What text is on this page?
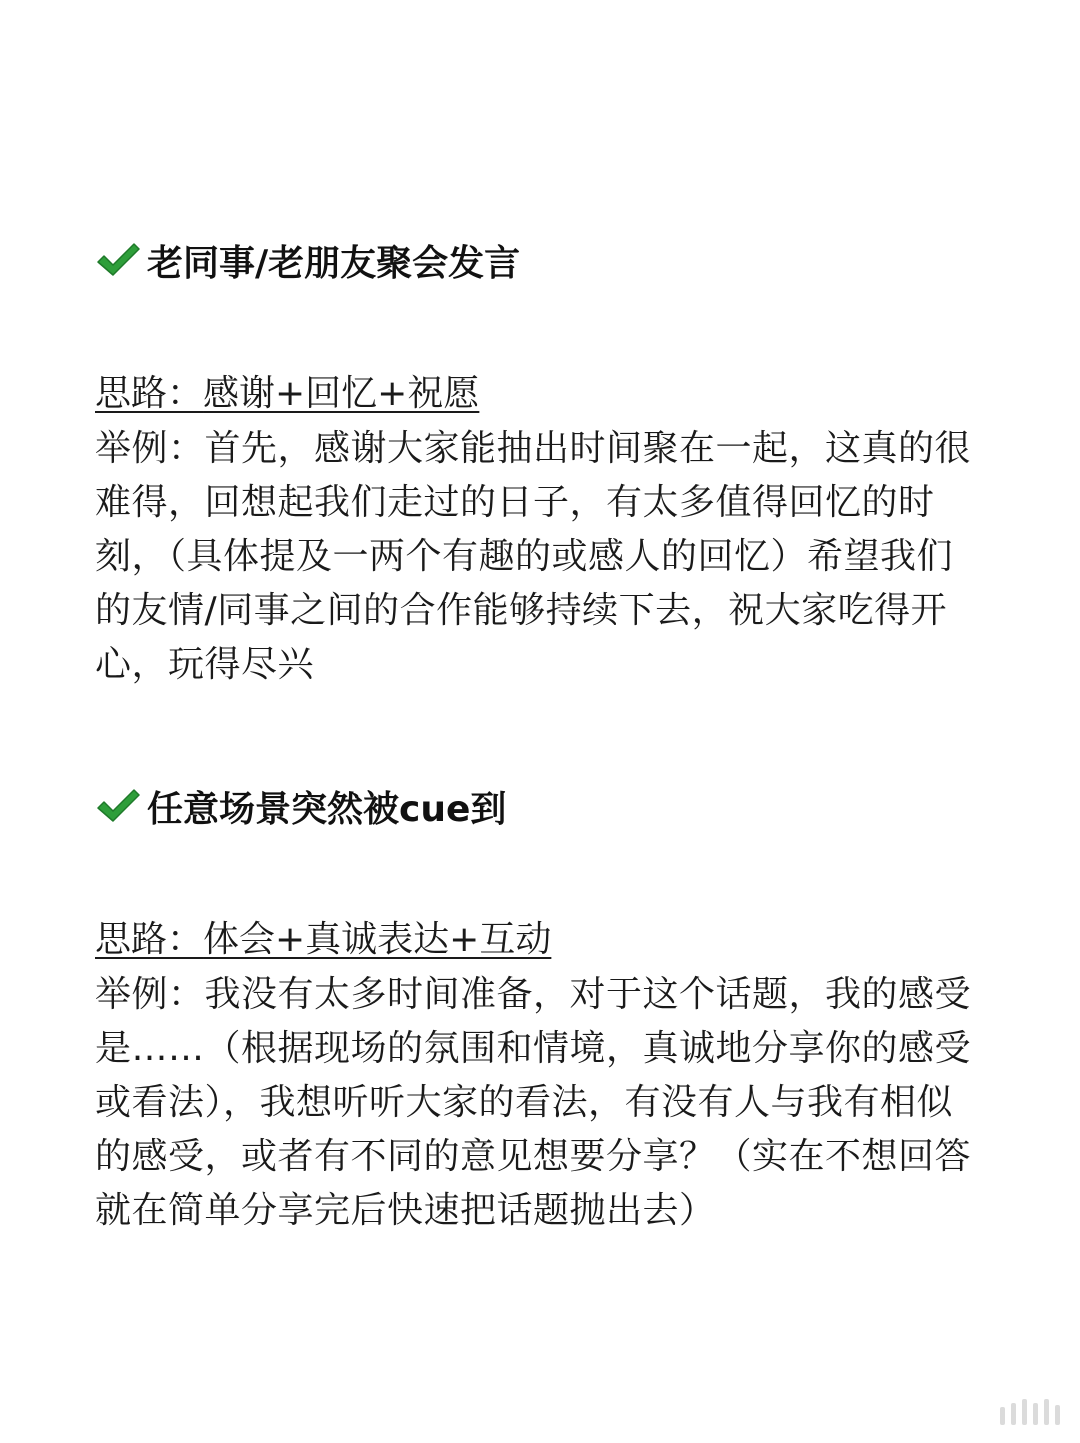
老同事/老朋友聚会发言
思路：感谢+回忆+祝愿
举例：首先，感谢大家能抽出时间聚在一起，这真的很难得，回想起我们走过的日子，有太多值得回忆的时刻，（具体提及一两个有趣的或感人的回忆）希望我们的友情/同事之间的合作能够持续下去，祝大家吃得开心，玩得尽兴
任意场景突然被cue到
思路：体会+真诚表达+互动
举例：我没有太多时间准备，对于这个话题，我的感受是……（根据现场的氛围和情境，真诚地分享你的感受或看法），我想听听大家的看法，有没有人与我有相似的感受，或者有不同的意见想要分享？（实在不想回答就在简单分享完后快速把话题抛出去）
